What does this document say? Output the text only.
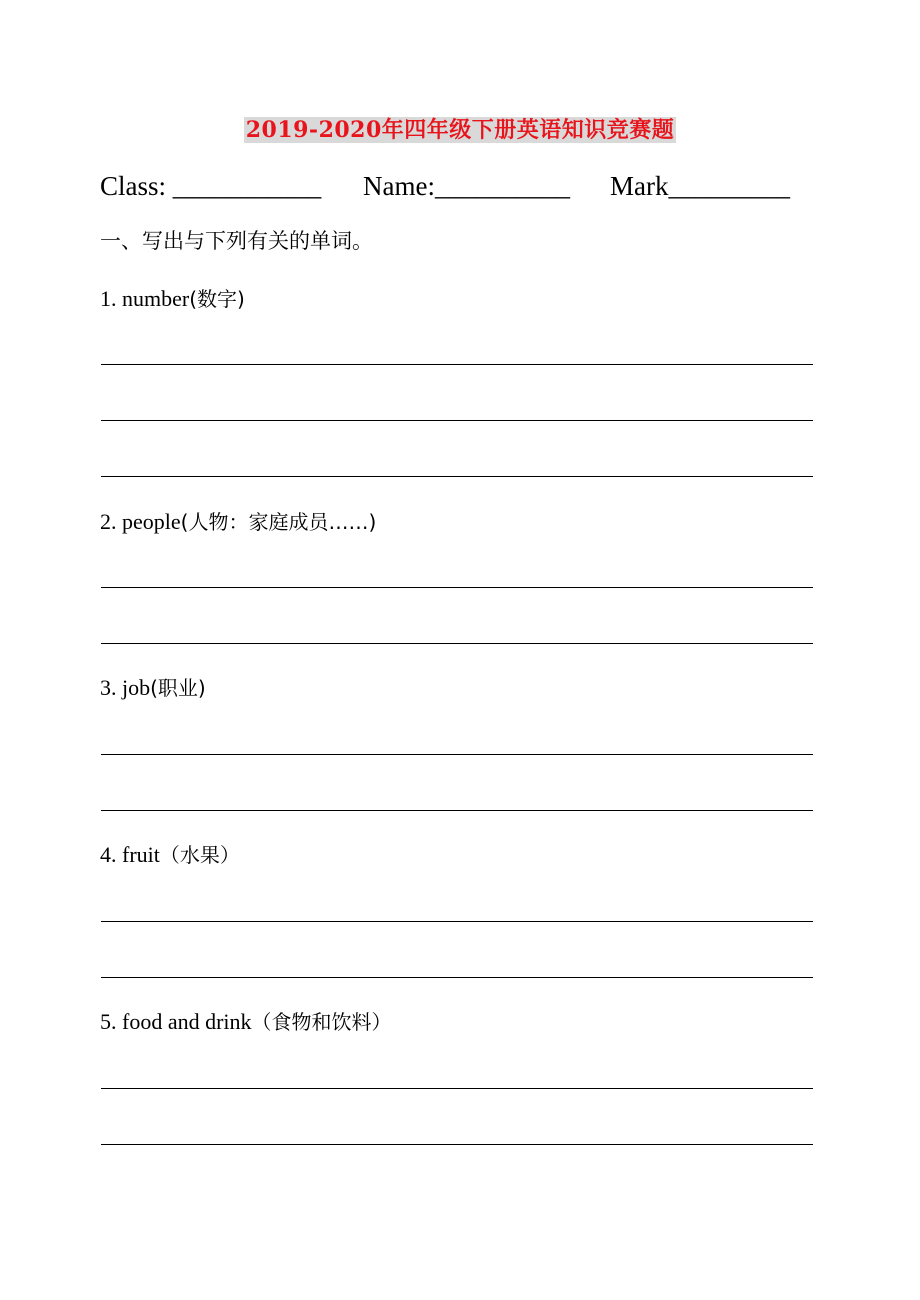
2019-2020年四年级下册英语知识竞赛题
Class: ___________ Name:__________ Mark_________
一、写出与下列有关的单词。
1. number(数字)
2. people(人物：家庭成员……)
3. job(职业)
4. fruit（水果）
5. food and drink（食物和饮料）
